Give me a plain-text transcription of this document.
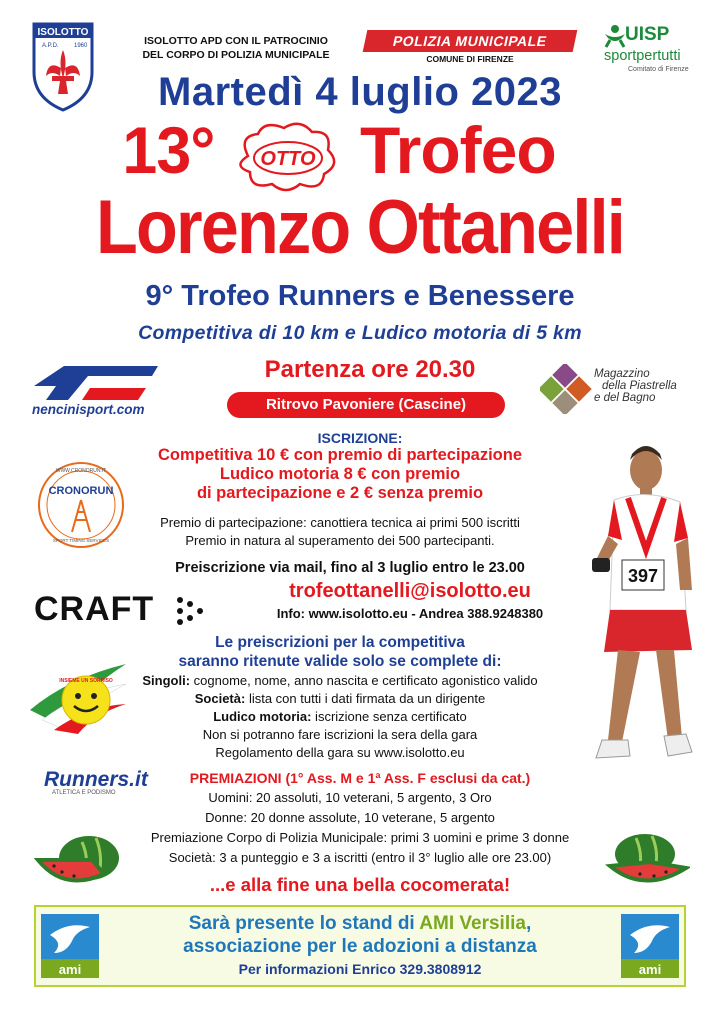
ISOLOTTO
A.P.D.	1960	ISOLOTTO APD CON IL PATROCINIO
DEL CORPO DI POLIZIA MUNICIPALE
POLIZIA MUNICIPALE
COMUNE DI FIRENZE
UISP
sportpertutti
Comitato di Firenze
Martedì 4 luglio 2023
13° OTTO Trofeo
Lorenzo Ottanelli
9° Trofeo Runners e Benessere
Competitiva di 10 km e Ludico motoria di 5 km
nencinisport.com
Partenza ore 20.30
Ritrovo Pavoniere (Cascine)
Magazzino
della Piastrella
e del Bagno
ISCRIZIONE:
Competitiva 10 € con premio di partecipazione
Ludico motoria 8 € con premio
di partecipazione e 2 € senza premio
WWW.CRONORUN.IT
CRONORUN
SPORT TIMING SERVICES
Premio di partecipazione: canottiera tecnica ai primi 500 iscritti
Premio in natura al superamento dei 500 partecipanti.
Preiscrizione via mail, fino al 3 luglio entro le 23.00
CRAFT	trofeottanelli@isolotto.eu
Info: www.isolotto.eu - Andrea 388.9248380
Le preiscrizioni per la competitiva
saranno ritenute valide solo se complete di:
Singoli: cognome, nome, anno nascita e certificato agonistico valido
Società: lista con tutti i dati firmata da un dirigente
Ludico motoria: iscrizione senza certificato
Non si potranno fare iscrizioni la sera della gara
Regolamento della gara su www.isolotto.eu
INSIEME UN SORRISO
Runners.it
ATLETICA E PODISMO
PREMIAZIONI (1° Ass. M e 1ª Ass. F esclusi da cat.)
Uomini: 20 assoluti, 10 veterani, 5 argento, 3 Oro
Donne: 20 donne assolute, 10 veterane, 5 argento
Premiazione Corpo di Polizia Municipale: primi 3 uomini e prime 3 donne
Società: 3 a punteggio e 3 a iscritti (entro il 3° luglio alle ore 23.00)
...e alla fine una bella cocomerata!
397
ami	ami
Sarà presente lo stand di AMI Versilia,
associazione per le adozioni a distanza
Per informazioni Enrico 329.3808912
